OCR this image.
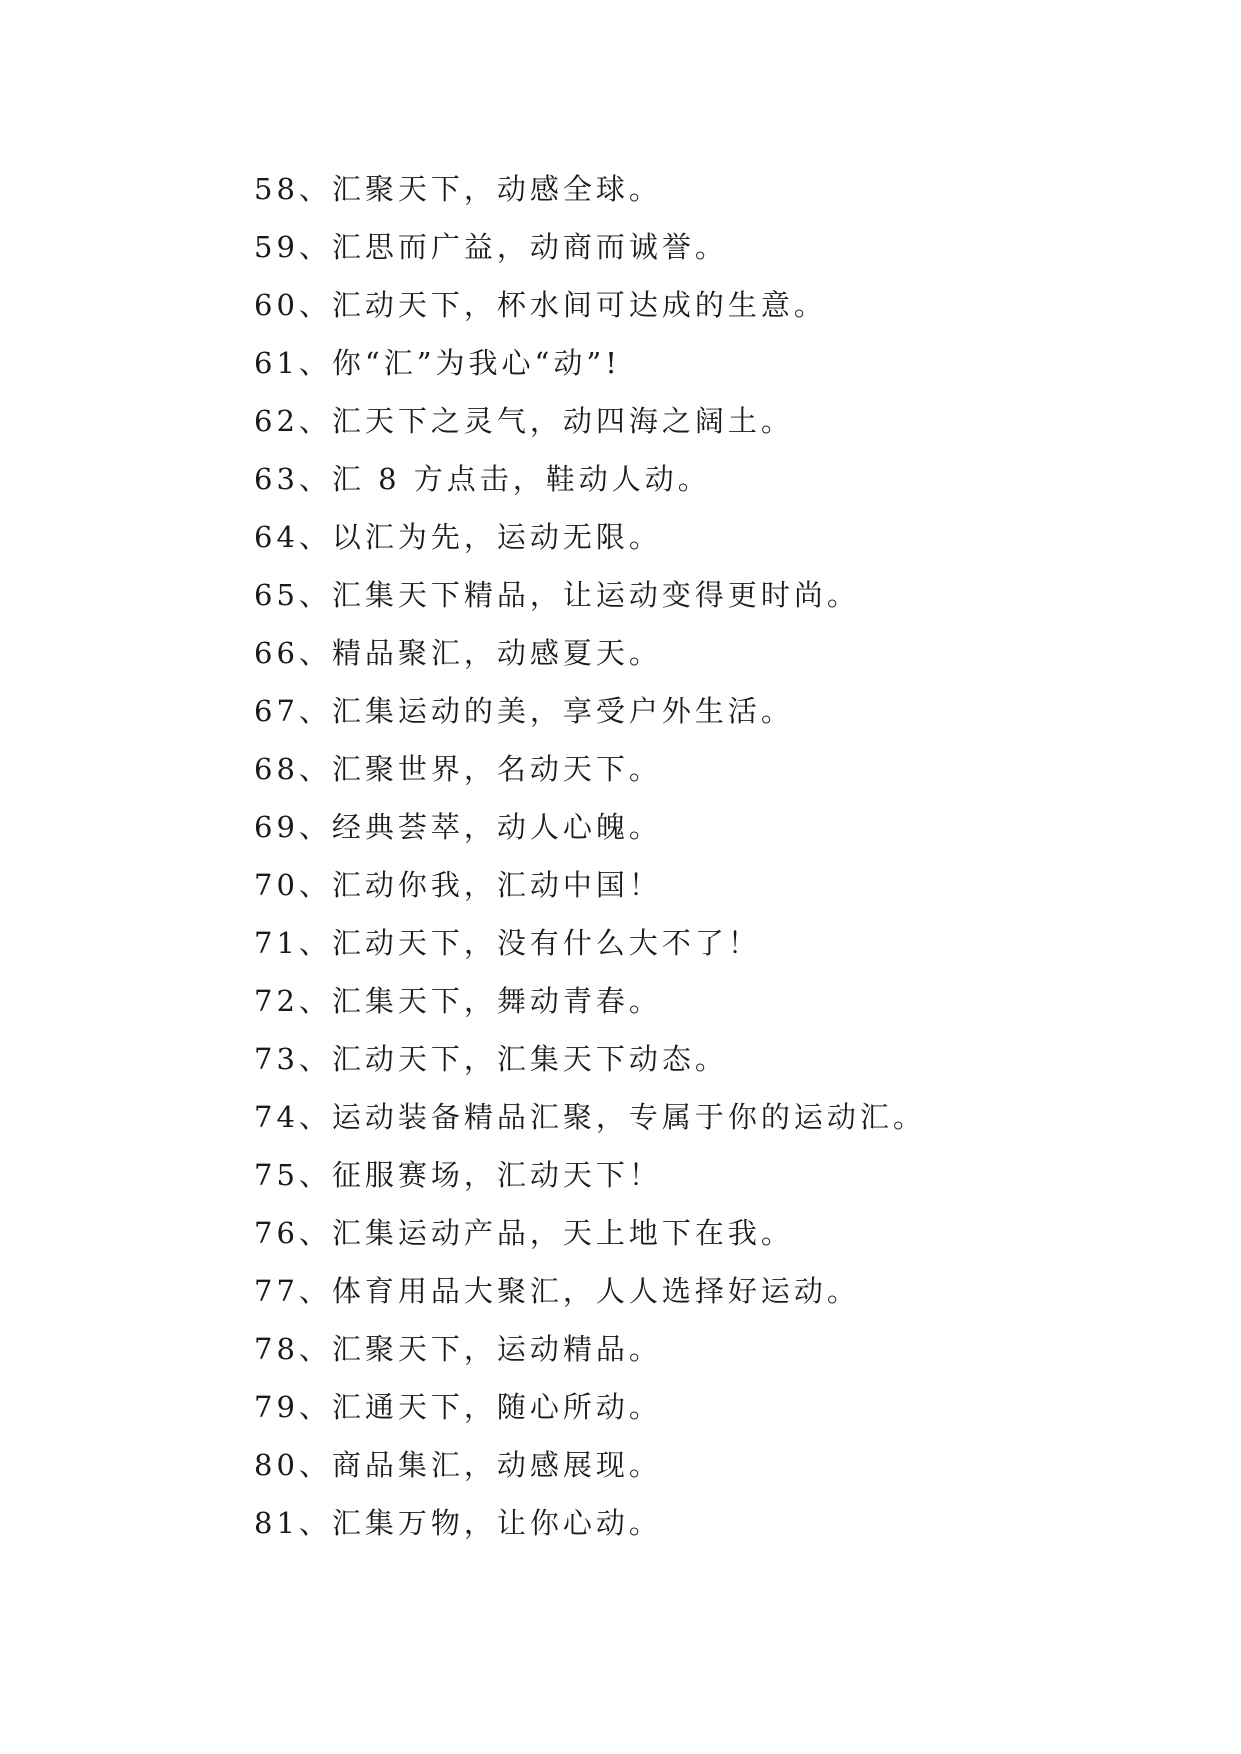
58、汇聚天下，动感全球。
59、汇思而广益，动商而诚誉。
60、汇动天下，杯水间可达成的生意。
61、你“汇”为我心“动”!
62、汇天下之灵气，动四海之阔土。
63、汇 8 方点击，鞋动人动。
64、以汇为先，运动无限。
65、汇集天下精品，让运动变得更时尚。
66、精品聚汇，动感夏天。
67、汇集运动的美，享受户外生活。
68、汇聚世界，名动天下。
69、经典荟萃，动人心魄。
70、汇动你我，汇动中国！
71、汇动天下，没有什么大不了！
72、汇集天下，舞动青春。
73、汇动天下，汇集天下动态。
74、运动装备精品汇聚，专属于你的运动汇。
75、征服赛场，汇动天下！
76、汇集运动产品，天上地下在我。
77、体育用品大聚汇，人人选择好运动。
78、汇聚天下，运动精品。
79、汇通天下，随心所动。
80、商品集汇，动感展现。
81、汇集万物，让你心动。
